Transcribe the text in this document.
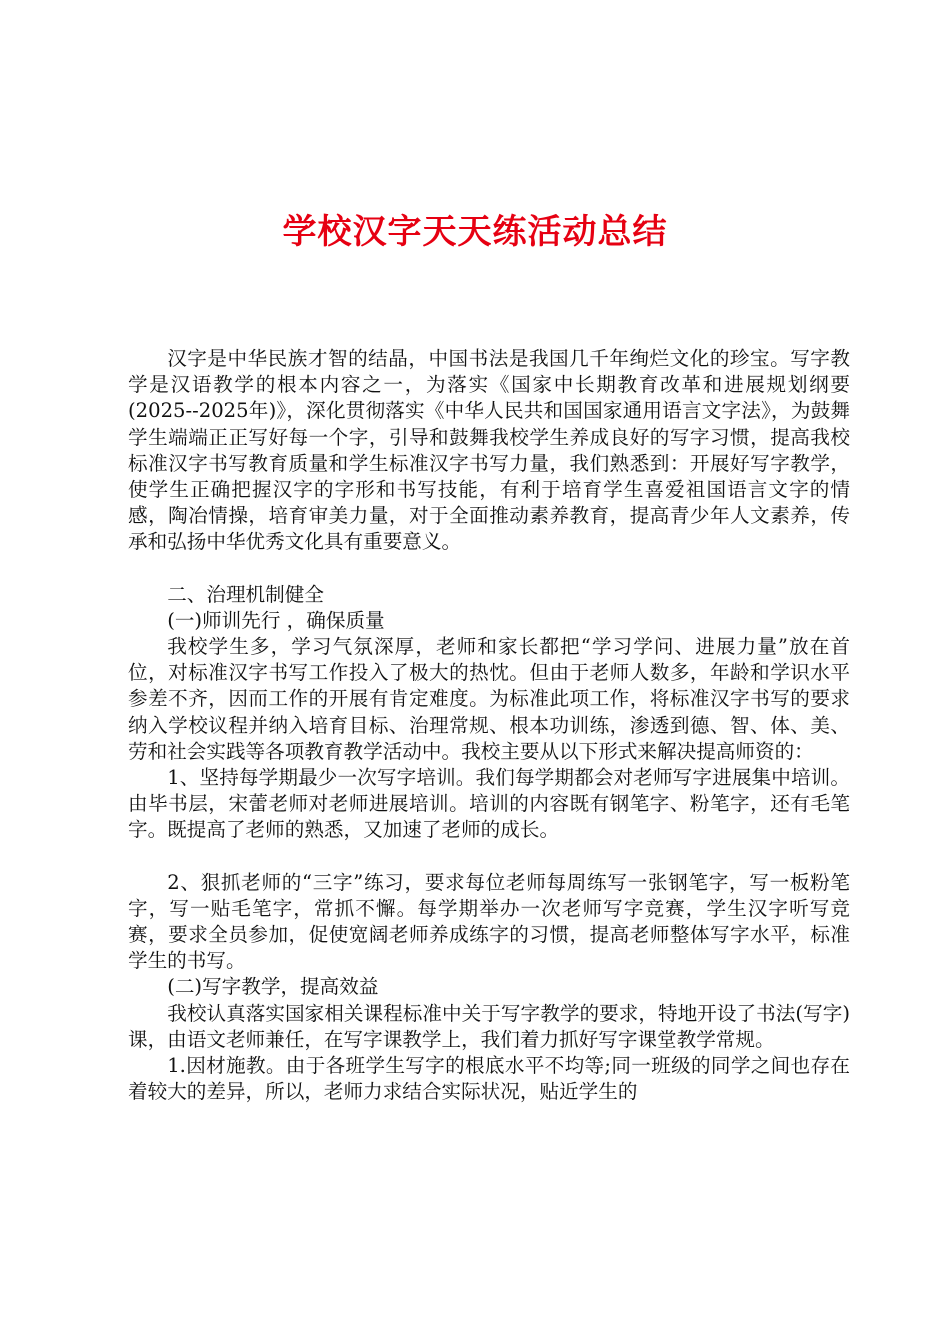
学校汉字天天练活动总结

汉字是中华民族才智的结晶，中国书法是我国几千年绚烂文化的珍宝。写字教学是汉语教学的根本内容之一，为落实《国家中长期教育改革和进展规划纲要(2025--2025年)》，深化贯彻落实《中华人民共和国国家通用语言文字法》，为鼓舞学生端端正正写好每一个字，引导和鼓舞我校学生养成良好的写字习惯，提高我校标准汉字书写教育质量和学生标准汉字书写力量，我们熟悉到：开展好写字教学，使学生正确把握汉字的字形和书写技能，有利于培育学生喜爱祖国语言文字的情感，陶冶情操，培育审美力量，对于全面推动素养教育，提高青少年人文素养，传承和弘扬中华优秀文化具有重要意义。

二、治理机制健全

(一)师训先行 ，确保质量

我校学生多，学习气氛深厚，老师和家长都把“学习学问、进展力量”放在首位，对标准汉字书写工作投入了极大的热忱。但由于老师人数多，年龄和学识水平参差不齐，因而工作的开展有肯定难度。为标准此项工作，将标准汉字书写的要求纳入学校议程并纳入培育目标、治理常规、根本功训练，渗透到德、智、体、美、劳和社会实践等各项教育教学活动中。我校主要从以下形式来解决提高师资的：

1、坚持每学期最少一次写字培训。我们每学期都会对老师写字进展集中培训。由毕书层，宋蕾老师对老师进展培训。培训的内容既有钢笔字、粉笔字，还有毛笔字。既提高了老师的熟悉，又加速了老师的成长。

2、狠抓老师的“三字”练习，要求每位老师每周练写一张钢笔字，写一板粉笔字，写一贴毛笔字，常抓不懈。每学期举办一次老师写字竞赛，学生汉字听写竞赛，要求全员参加，促使宽阔老师养成练字的习惯，提高老师整体写字水平，标准学生的书写。

(二)写字教学，提高效益

我校认真落实国家相关课程标准中关于写字教学的要求，特地开设了书法(写字)课，由语文老师兼任，在写字课教学上，我们着力抓好写字课堂教学常规。

1.因材施教。由于各班学生写字的根底水平不均等;同一班级的同学之间也存在着较大的差异，所以，老师力求结合实际状况，贴近学生的
